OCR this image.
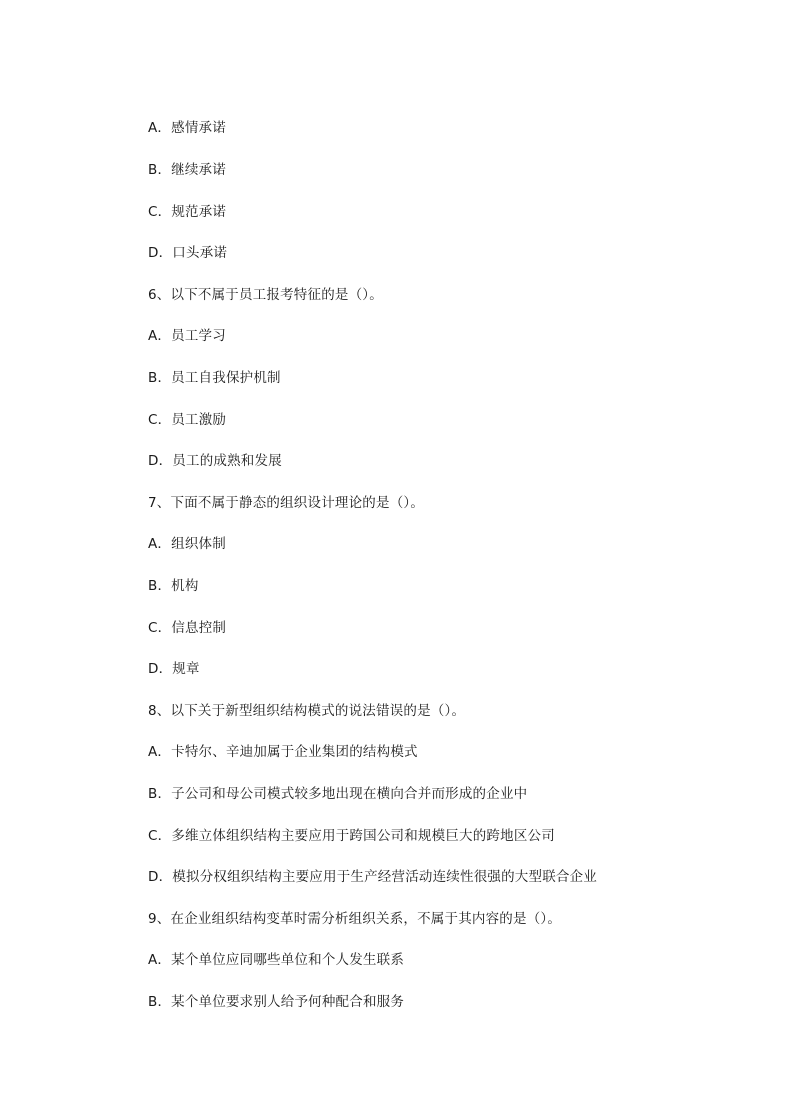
A．感情承诺
B．继续承诺
C．规范承诺
D．口头承诺
6、以下不属于员工报考特征的是（）。
A．员工学习
B．员工自我保护机制
C．员工激励
D．员工的成熟和发展
7、下面不属于静态的组织设计理论的是（）。
A．组织体制
B．机构
C．信息控制
D．规章
8、以下关于新型组织结构模式的说法错误的是（）。
A．卡特尔、辛迪加属于企业集团的结构模式
B．子公司和母公司模式较多地出现在横向合并而形成的企业中
C．多维立体组织结构主要应用于跨国公司和规模巨大的跨地区公司
D．模拟分权组织结构主要应用于生产经营活动连续性很强的大型联合企业
9、在企业组织结构变革时需分析组织关系，不属于其内容的是（）。
A．某个单位应同哪些单位和个人发生联系
B．某个单位要求别人给予何种配合和服务
